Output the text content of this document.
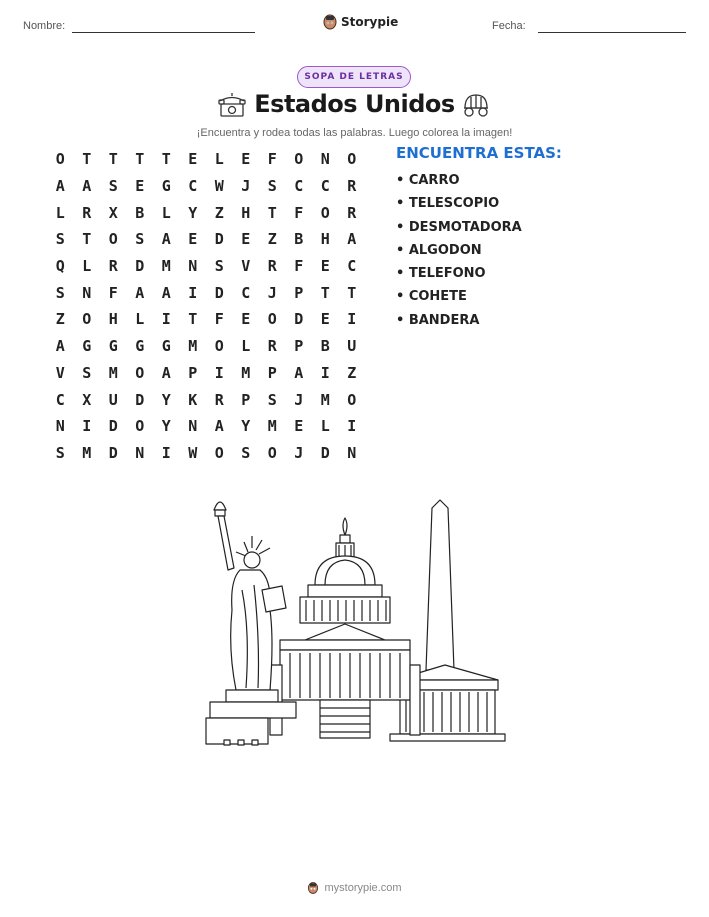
Nombre:	Storypie	Fecha:
SOPA DE LETRAS
Estados Unidos
¡Encuentra y rodea todas las palabras. Luego colorea la imagen!
O	T	T	T	T	E	L	E	F	O	N	O
A	A	S	E	G	C	W	J	S	C	C	R
L	R	X	B	L	Y	Z	H	T	F	O	R
S	T	O	S	A	E	D	E	Z	B	H	A
Q	L	R	D	M	N	S	V	R	F	E	C
S	N	F	A	A	I	D	C	J	P	T	T
Z	O	H	L	I	T	F	E	O	D	E	I
A	G	G	G	G	M	O	L	R	P	B	U
V	S	M	O	A	P	I	M	P	A	I	Z
C	X	U	D	Y	K	R	P	S	J	M	O
N	I	D	O	Y	N	A	Y	M	E	L	I
S	M	D	N	I	W	O	S	O	J	D	N
ENCUENTRA ESTAS:
• CARRO
• TELESCOPIO
• DESMOTADORA
• ALGODON
• TELEFONO
• COHETE
• BANDERA
mystorypie.com
